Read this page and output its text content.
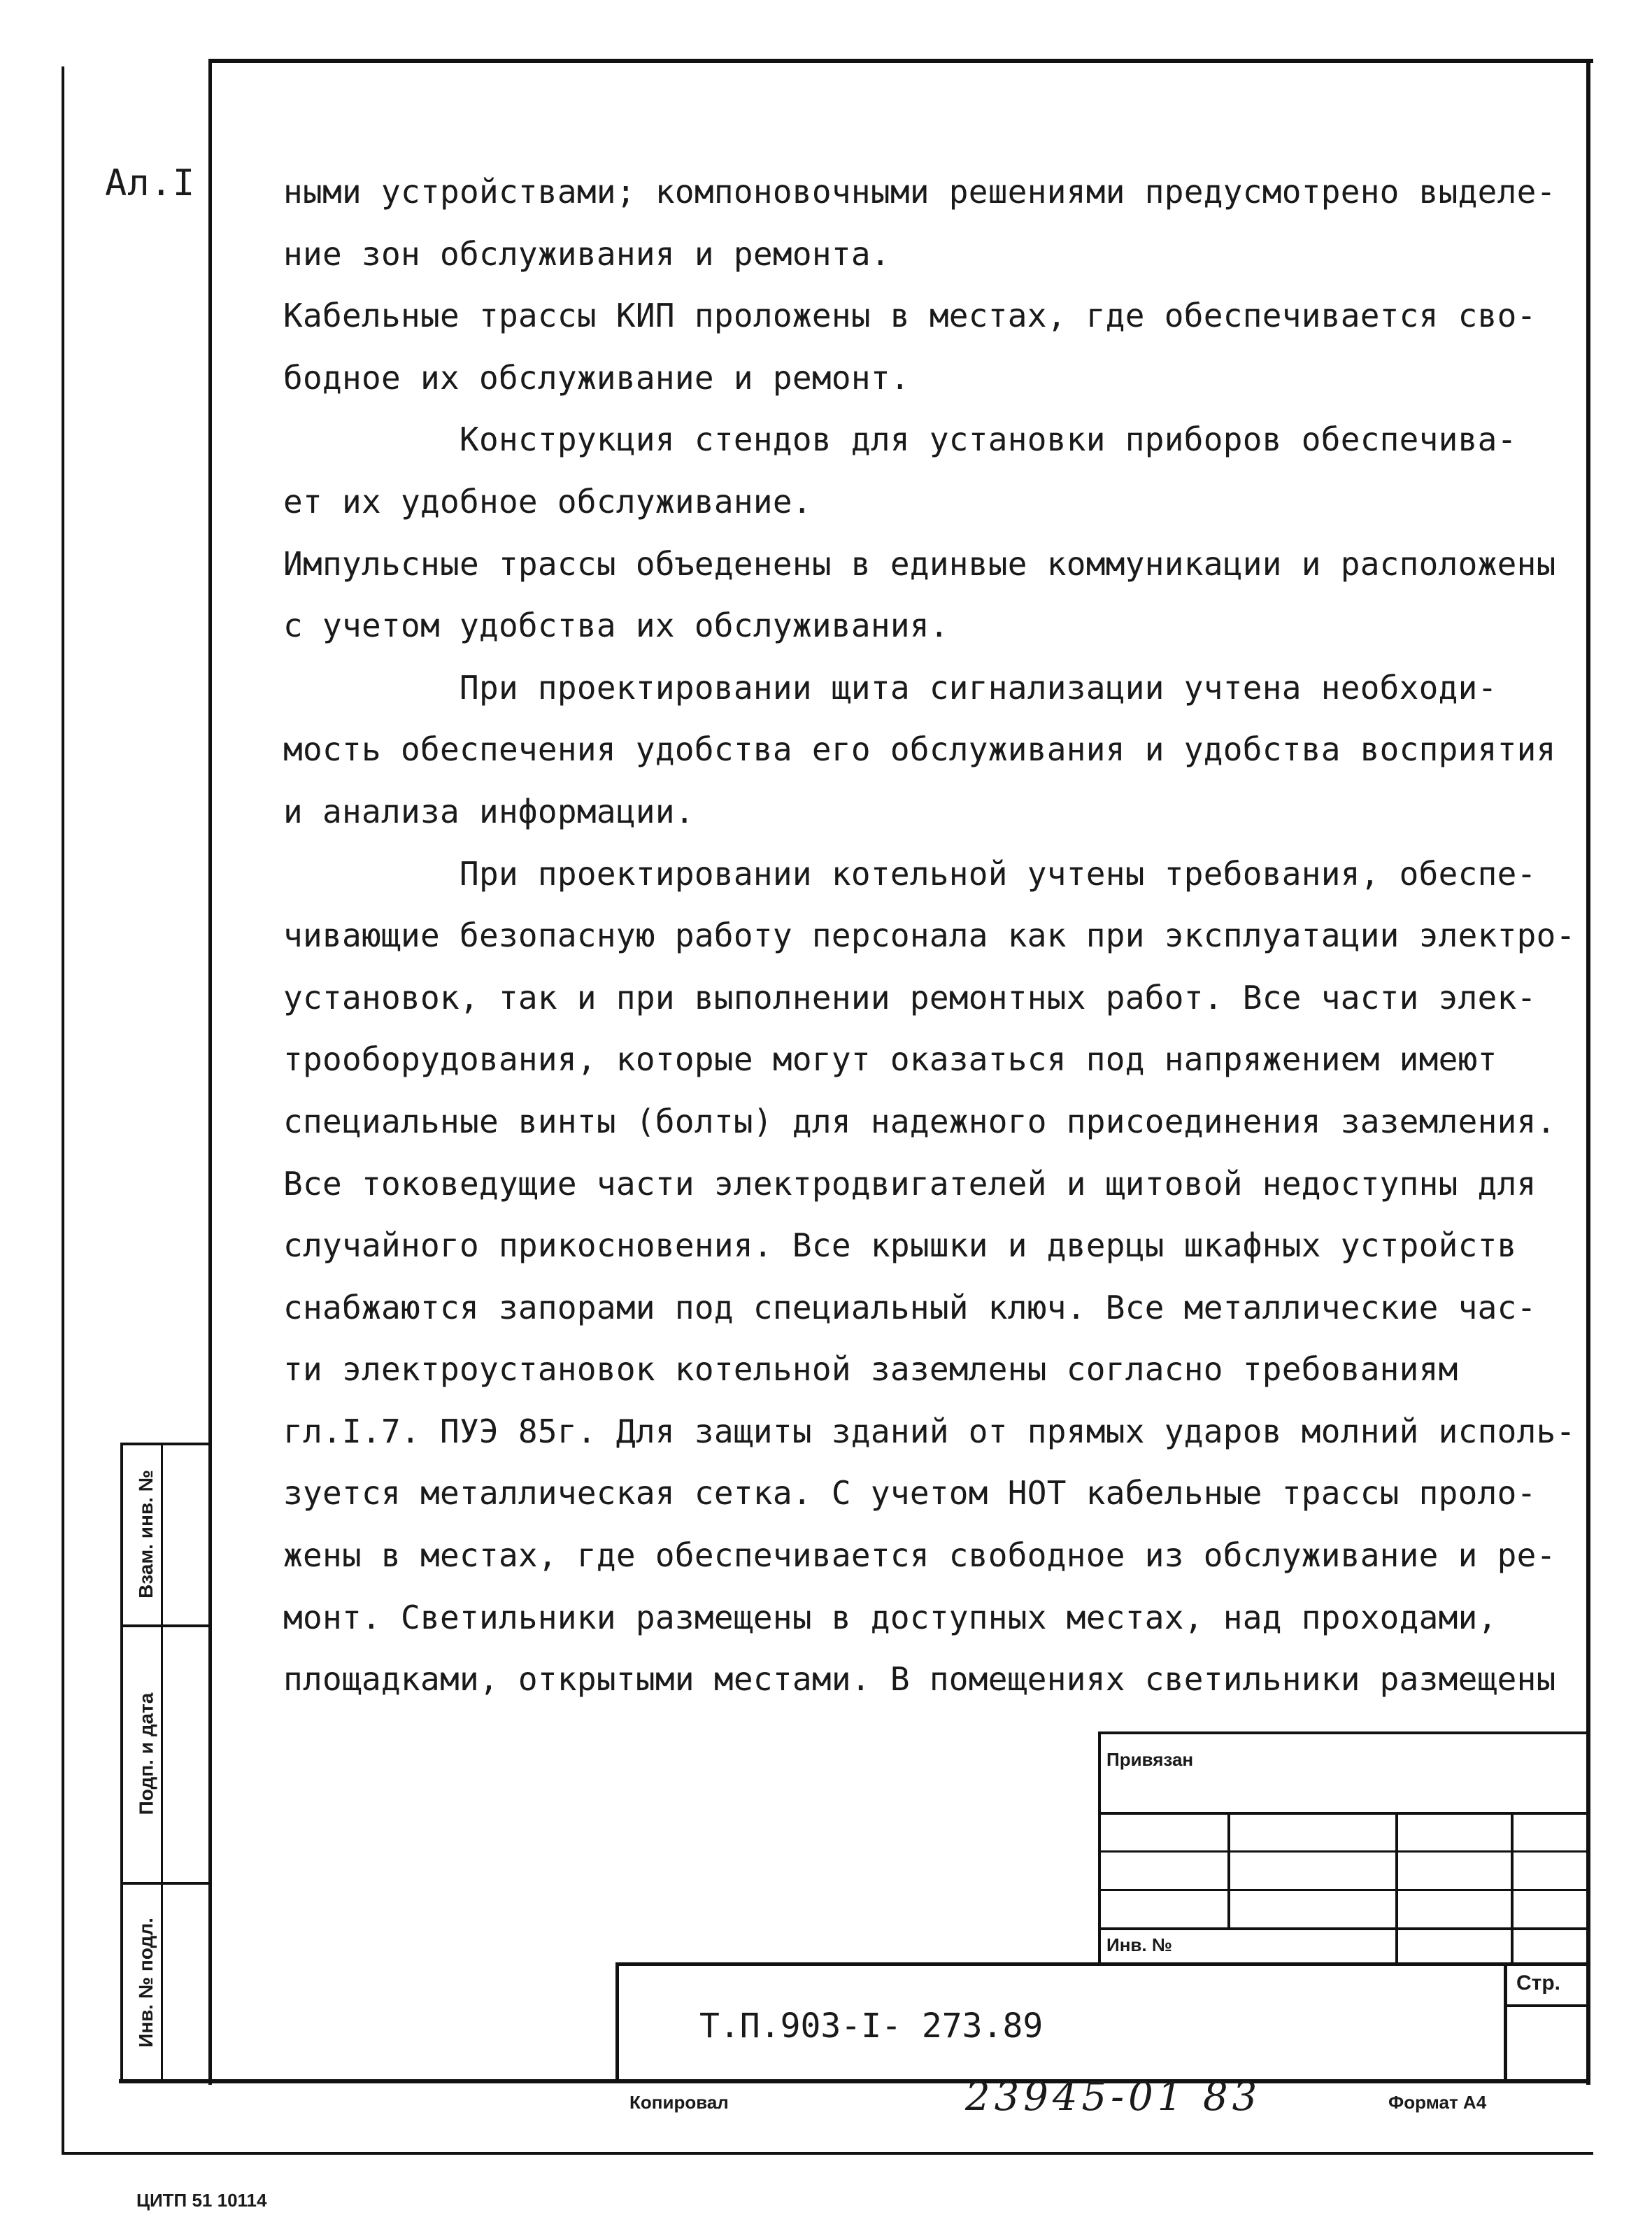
Ал.I	ными устройствами; компоновочными решениями предусмотрено выделе-
ние зон обслуживания и ремонта.
Кабельные трассы КИП проложены в местах, где обеспечивается сво-
бодное их обслуживание и ремонт.
Конструкция стендов для установки приборов обеспечива-
ет их удобное обслуживание.
Импульсные трассы объеденены в единвые коммуникации и расположены
с учетом удобства их обслуживания.
При проектировании щита сигнализации учтена необходи-
мость обеспечения удобства его обслуживания и удобства восприятия
и анализа информации.
При проектировании котельной учтены требования, обеспе-
чивающие безопасную работу персонала как при эксплуатации электро-
установок, так и при выполнении ремонтных работ. Все части элек-
трооборудования, которые могут оказаться под напряжением имеют
специальные винты (болты) для надежного присоединения заземления.
Все токоведущие части электродвигателей и щитовой недоступны для
случайного прикосновения. Все крышки и дверцы шкафных устройств
снабжаются запорами под специальный ключ. Все металлические час-
ти электроустановок котельной заземлены согласно требованиям
гл.I.7. ПУЭ 85г. Для защиты зданий от прямых ударов молний исполь-
зуется металлическая сетка. С учетом НОТ кабельные трассы проло-
жены в местах, где обеспечивается свободное из обслуживание и ре-
монт. Светильники размещены в доступных местах, над проходами,
площадками, открытыми местами. В помещениях светильники размещены
Взам. инв. №
Подп. и дата
Инв. № подл.
Привязан
Инв. №
Стр.
Т.П.903-I- 273.89
Копировал	23945-01 83	Формат А4
ЦИТП 51 10114
